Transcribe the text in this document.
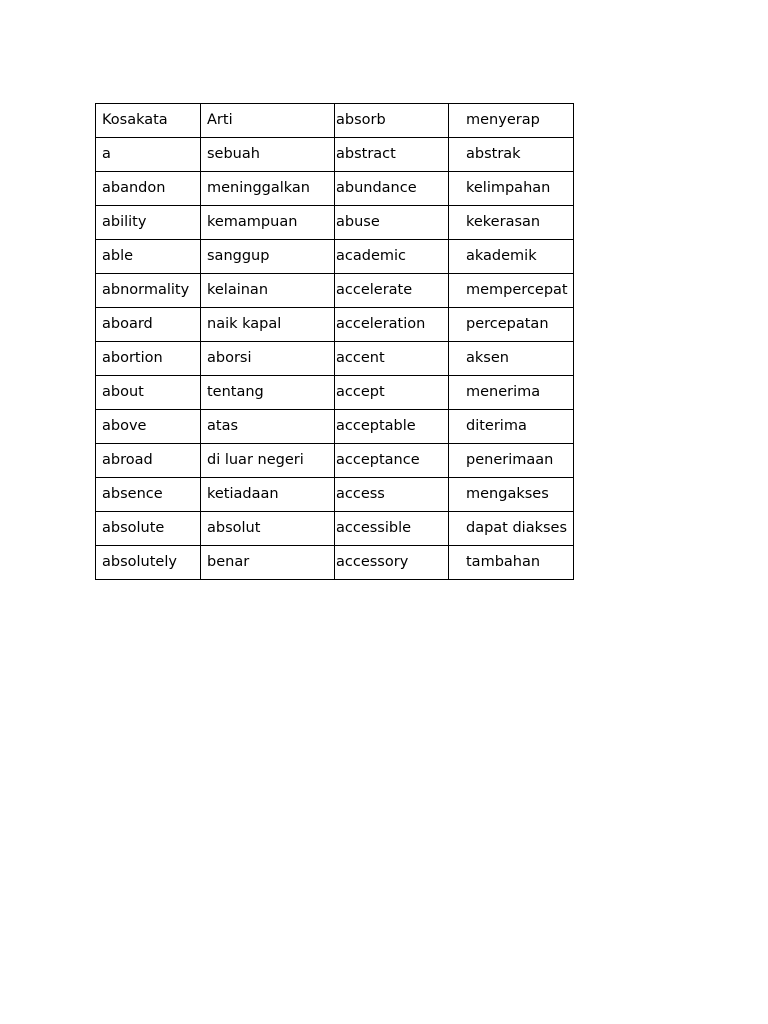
Kosakata	Arti	absorb	menyerap
a	sebuah	abstract	abstrak
abandon	meninggalkan	abundance	kelimpahan
ability	kemampuan	abuse	kekerasan
able	sanggup	academic	akademik
abnormality	kelainan	accelerate	mempercepat
aboard	naik kapal	acceleration	percepatan
abortion	aborsi	accent	aksen
about	tentang	accept	menerima
above	atas	acceptable	diterima
abroad	di luar negeri	acceptance	penerimaan
absence	ketiadaan	access	mengakses
absolute	absolut	accessible	dapat diakses
absolutely	benar	accessory	tambahan
